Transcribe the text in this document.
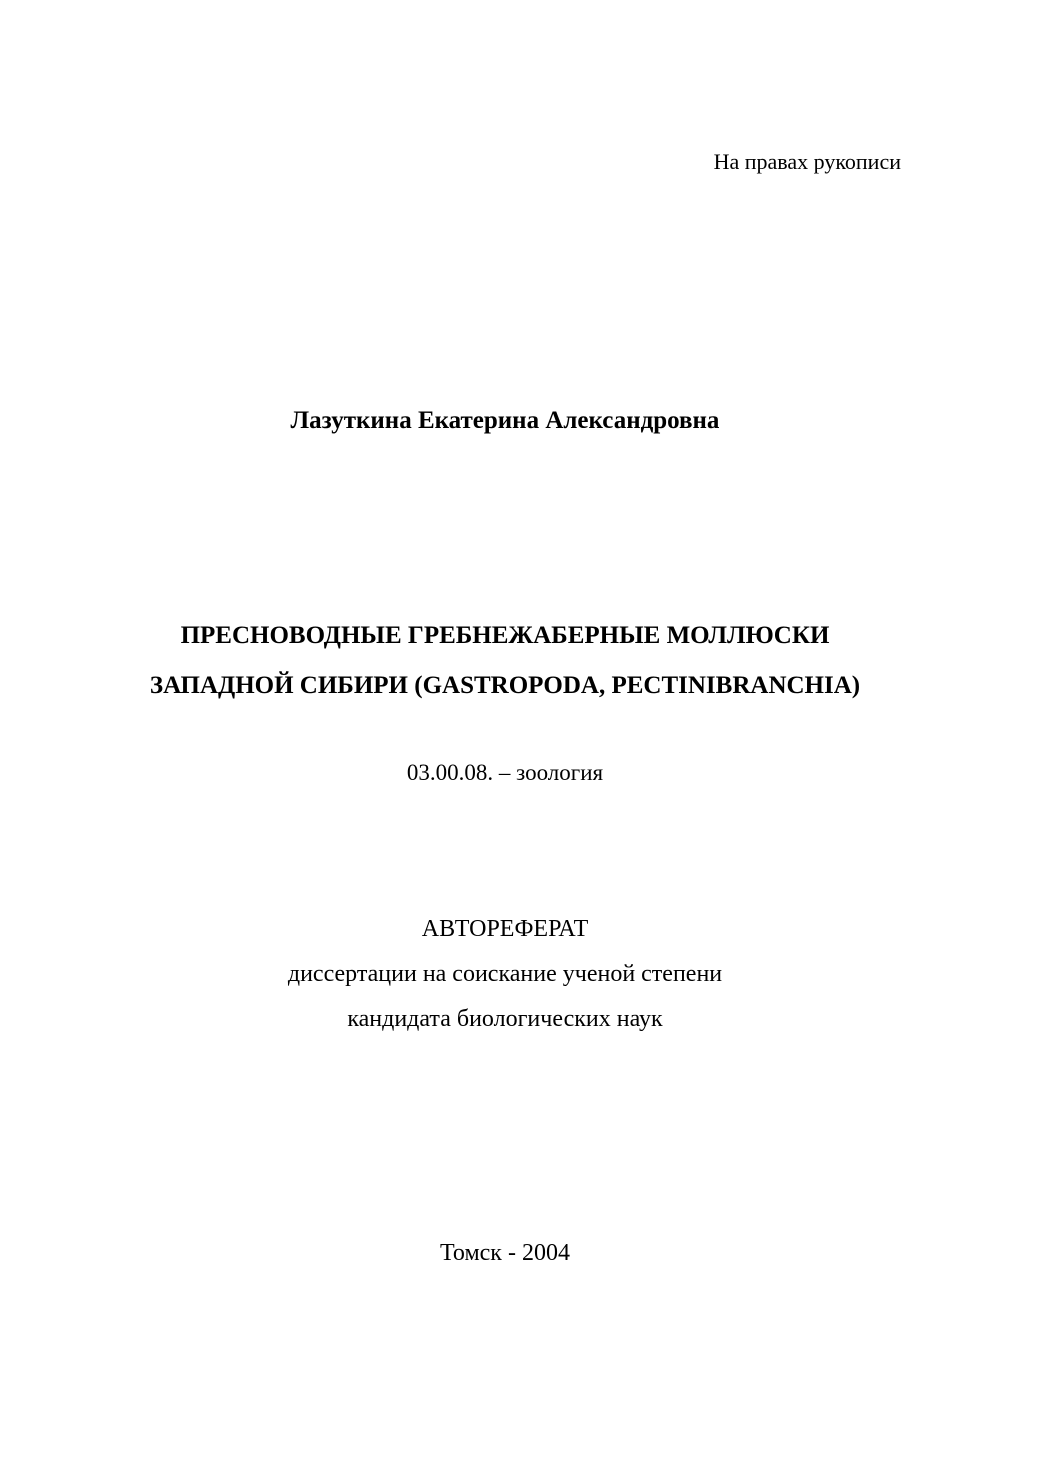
На правах рукописи
Лазуткина Екатерина Александровна
ПРЕСНОВОДНЫЕ ГРЕБНЕЖАБЕРНЫЕ МОЛЛЮСКИ
ЗАПАДНОЙ СИБИРИ (GASTROPODA, PECTINIBRANCHIA)
03.00.08. – зоология
АВТОРЕФЕРАТ
диссертации на соискание ученой степени
кандидата биологических наук
Томск - 2004
